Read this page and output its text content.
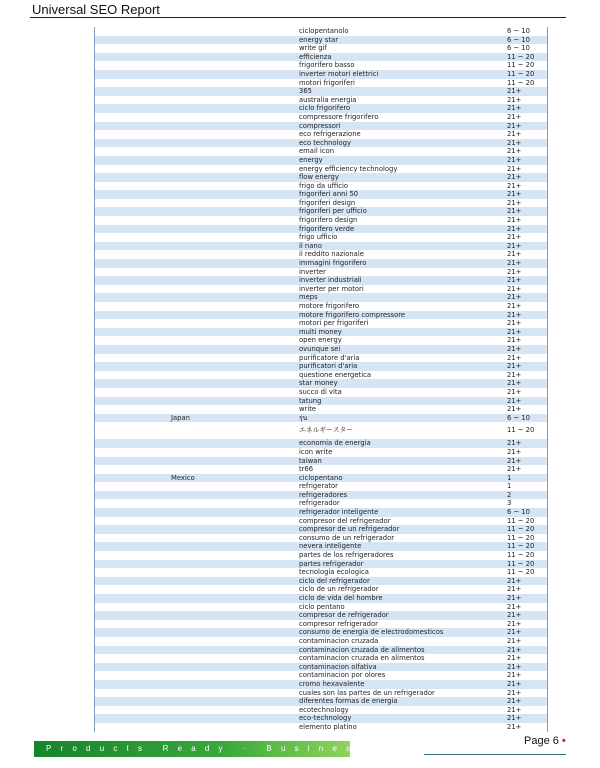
Universal SEO Report
ciclopentanolo	6 ~ 10
energy star	6 ~ 10
write gif	6 ~ 10
efficienza	11 ~ 20
frigorifero basso	11 ~ 20
inverter motori elettrici	11 ~ 20
motori frigoriferi	11 ~ 20
365	21+
australia energia	21+
ciclo frigorifero	21+
compressore frigorifero	21+
compressori	21+
eco refrigerazione	21+
eco technology	21+
email icon	21+
energy	21+
energy efficiency technology	21+
flow energy	21+
frigo da ufficio	21+
frigoriferi anni 50	21+
frigoriferi design	21+
frigoriferi per ufficio	21+
frigorifero design	21+
frigorifero verde	21+
frigo ufficio	21+
il nano	21+
il reddito nazionale	21+
immagini frigorifero	21+
inverter	21+
inverter industriali	21+
inverter per motori	21+
meps	21+
motore frigorifero	21+
motore frigorifero compressore	21+
motori per frigoriferi	21+
multi money	21+
open energy	21+
ovunque sei	21+
purificatore d'aria	21+
purificatori d'aria	21+
questione energetica	21+
star money	21+
succo di vita	21+
tatung	21+
write	21+
Japan	รุ่น	6 ~ 10
エネルギースター	11 ~ 20
economia de energia	21+
icon write	21+
taiwan	21+
tr66	21+
Mexico	ciclopentano	1
refrigerator	1
refrigeradores	2
refrigerador	3
refrigerador inteligente	6 ~ 10
compresor del refrigerador	11 ~ 20
compresor de un refrigerador	11 ~ 20
consumo de un refrigerador	11 ~ 20
nevera inteligente	11 ~ 20
partes de los refrigeradores	11 ~ 20
partes refrigerador	11 ~ 20
tecnologia ecologica	11 ~ 20
ciclo del refrigerador	21+
ciclo de un refrigerador	21+
ciclo de vida del hombre	21+
ciclo pentano	21+
compresor de refrigerador	21+
compresor refrigerador	21+
consumo de energia de electrodomesticos	21+
contaminacion cruzada	21+
contaminacion cruzada de alimentos	21+
contaminacion cruzada en alimentos	21+
contaminacion olfativa	21+
contaminacion por olores	21+
cromo hexavalente	21+
cuales son las partes de un refrigerador	21+
diferentes formas de energia	21+
ecotechnology	21+
eco-technology	21+
elemento platino	21+
Products Ready · Business Ready
Page 6 •
